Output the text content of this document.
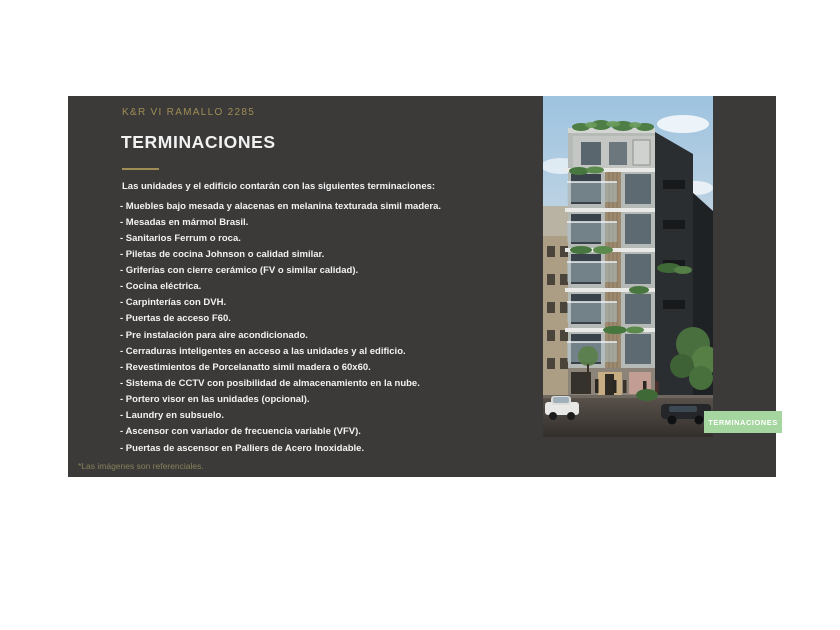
K&R VI RAMALLO 2285
TERMINACIONES
Las unidades y el edificio contarán con las siguientes terminaciones:
- Muebles bajo mesada y alacenas en melanina texturada simil madera.
- Mesadas en mármol Brasil.
- Sanitarios Ferrum o roca.
- Piletas de cocina Johnson o calidad similar.
- Griferías con cierre cerámico (FV o similar calidad).
- Cocina eléctrica.
- Carpinterías con DVH.
- Puertas de acceso F60.
- Pre instalación para aire acondicionado.
- Cerraduras inteligentes en acceso a las unidades y al edificio.
- Revestimientos de Porcelanatto simil madera o 60x60.
- Sistema de CCTV con posibilidad de almacenamiento en la nube.
- Portero visor en las unidades (opcional).
- Laundry en subsuelo.
- Ascensor con variador de frecuencia variable (VFV).
- Puertas de ascensor en Palliers de Acero Inoxidable.
*Las imágenes son referenciales.
TERMINACIONES
